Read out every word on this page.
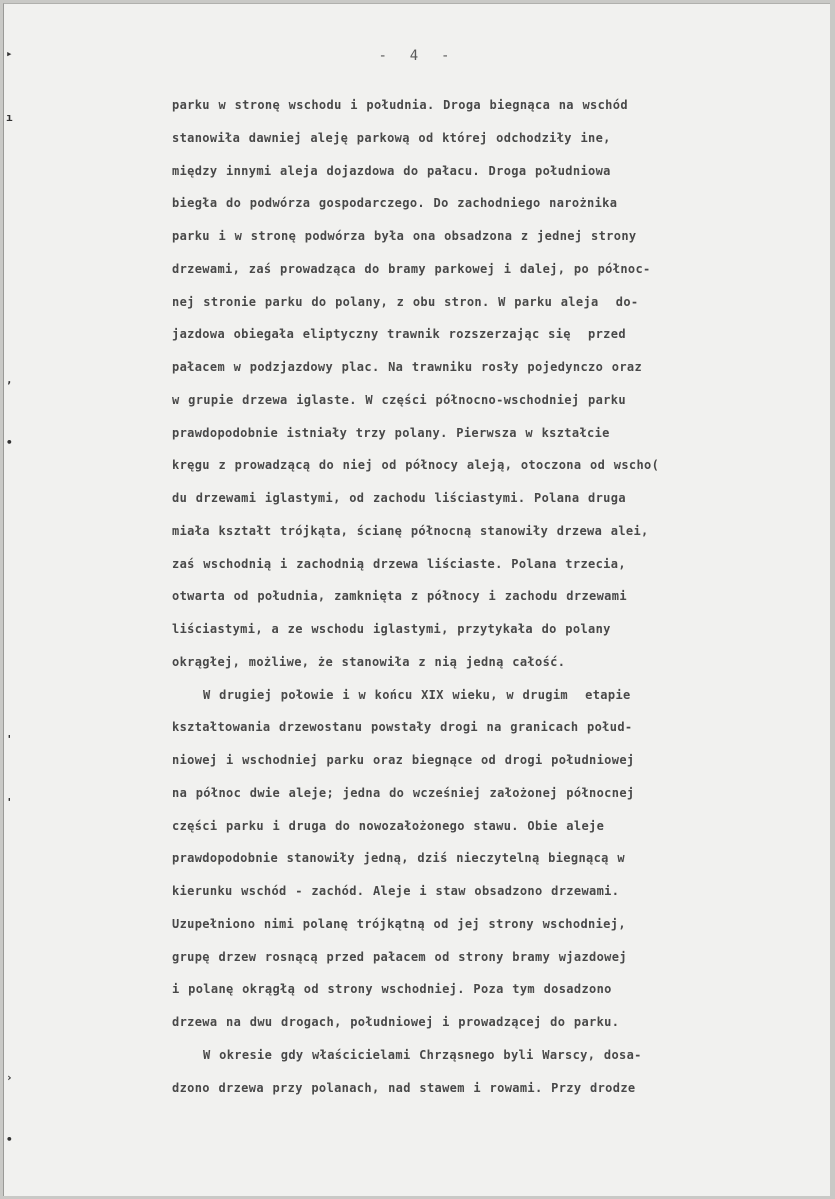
▸
ı
‚
•
'
'
›
•
-  4  -
parku w stronę wschodu i południa. Droga biegnąca na wschód
stanowiła dawniej aleję parkową od której odchodziły ine,
między innymi aleja dojazdowa do pałacu. Droga południowa
biegła do podwórza gospodarczego. Do zachodniego narożnika
parku i w stronę podwórza była ona obsadzona z jednej strony
drzewami, zaś prowadząca do bramy parkowej i dalej, po północ-
nej stronie parku do polany, z obu stron. W parku aleja  do-
jazdowa obiegała eliptyczny trawnik rozszerzając się  przed
pałacem w podzjazdowy plac. Na trawniku rosły pojedynczo oraz
w grupie drzewa iglaste. W części północno-wschodniej parku
prawdopodobnie istniały trzy polany. Pierwsza w kształcie
kręgu z prowadzącą do niej od północy aleją, otoczona od wscho(
du drzewami iglastymi, od zachodu liściastymi. Polana druga
miała kształt trójkąta, ścianę północną stanowiły drzewa alei,
zaś wschodnią i zachodnią drzewa liściaste. Polana trzecia,
otwarta od południa, zamknięta z północy i zachodu drzewami
liściastymi, a ze wschodu iglastymi, przytykała do polany
okrągłej, możliwe, że stanowiła z nią jedną całość.
W drugiej połowie i w końcu XIX wieku, w drugim  etapie
kształtowania drzewostanu powstały drogi na granicach połud-
niowej i wschodniej parku oraz biegnące od drogi południowej
na północ dwie aleje; jedna do wcześniej założonej północnej
części parku i druga do nowozałożonego stawu. Obie aleje
prawdopodobnie stanowiły jedną, dziś nieczytelną biegnącą w
kierunku wschód - zachód. Aleje i staw obsadzono drzewami.
Uzupełniono nimi polanę trójkątną od jej strony wschodniej,
grupę drzew rosnącą przed pałacem od strony bramy wjazdowej
i polanę okrągłą od strony wschodniej. Poza tym dosadzono
drzewa na dwu drogach, południowej i prowadzącej do parku.
W okresie gdy właścicielami Chrząsnego byli Warscy, dosa-
dzono drzewa przy polanach, nad stawem i rowami. Przy drodze
